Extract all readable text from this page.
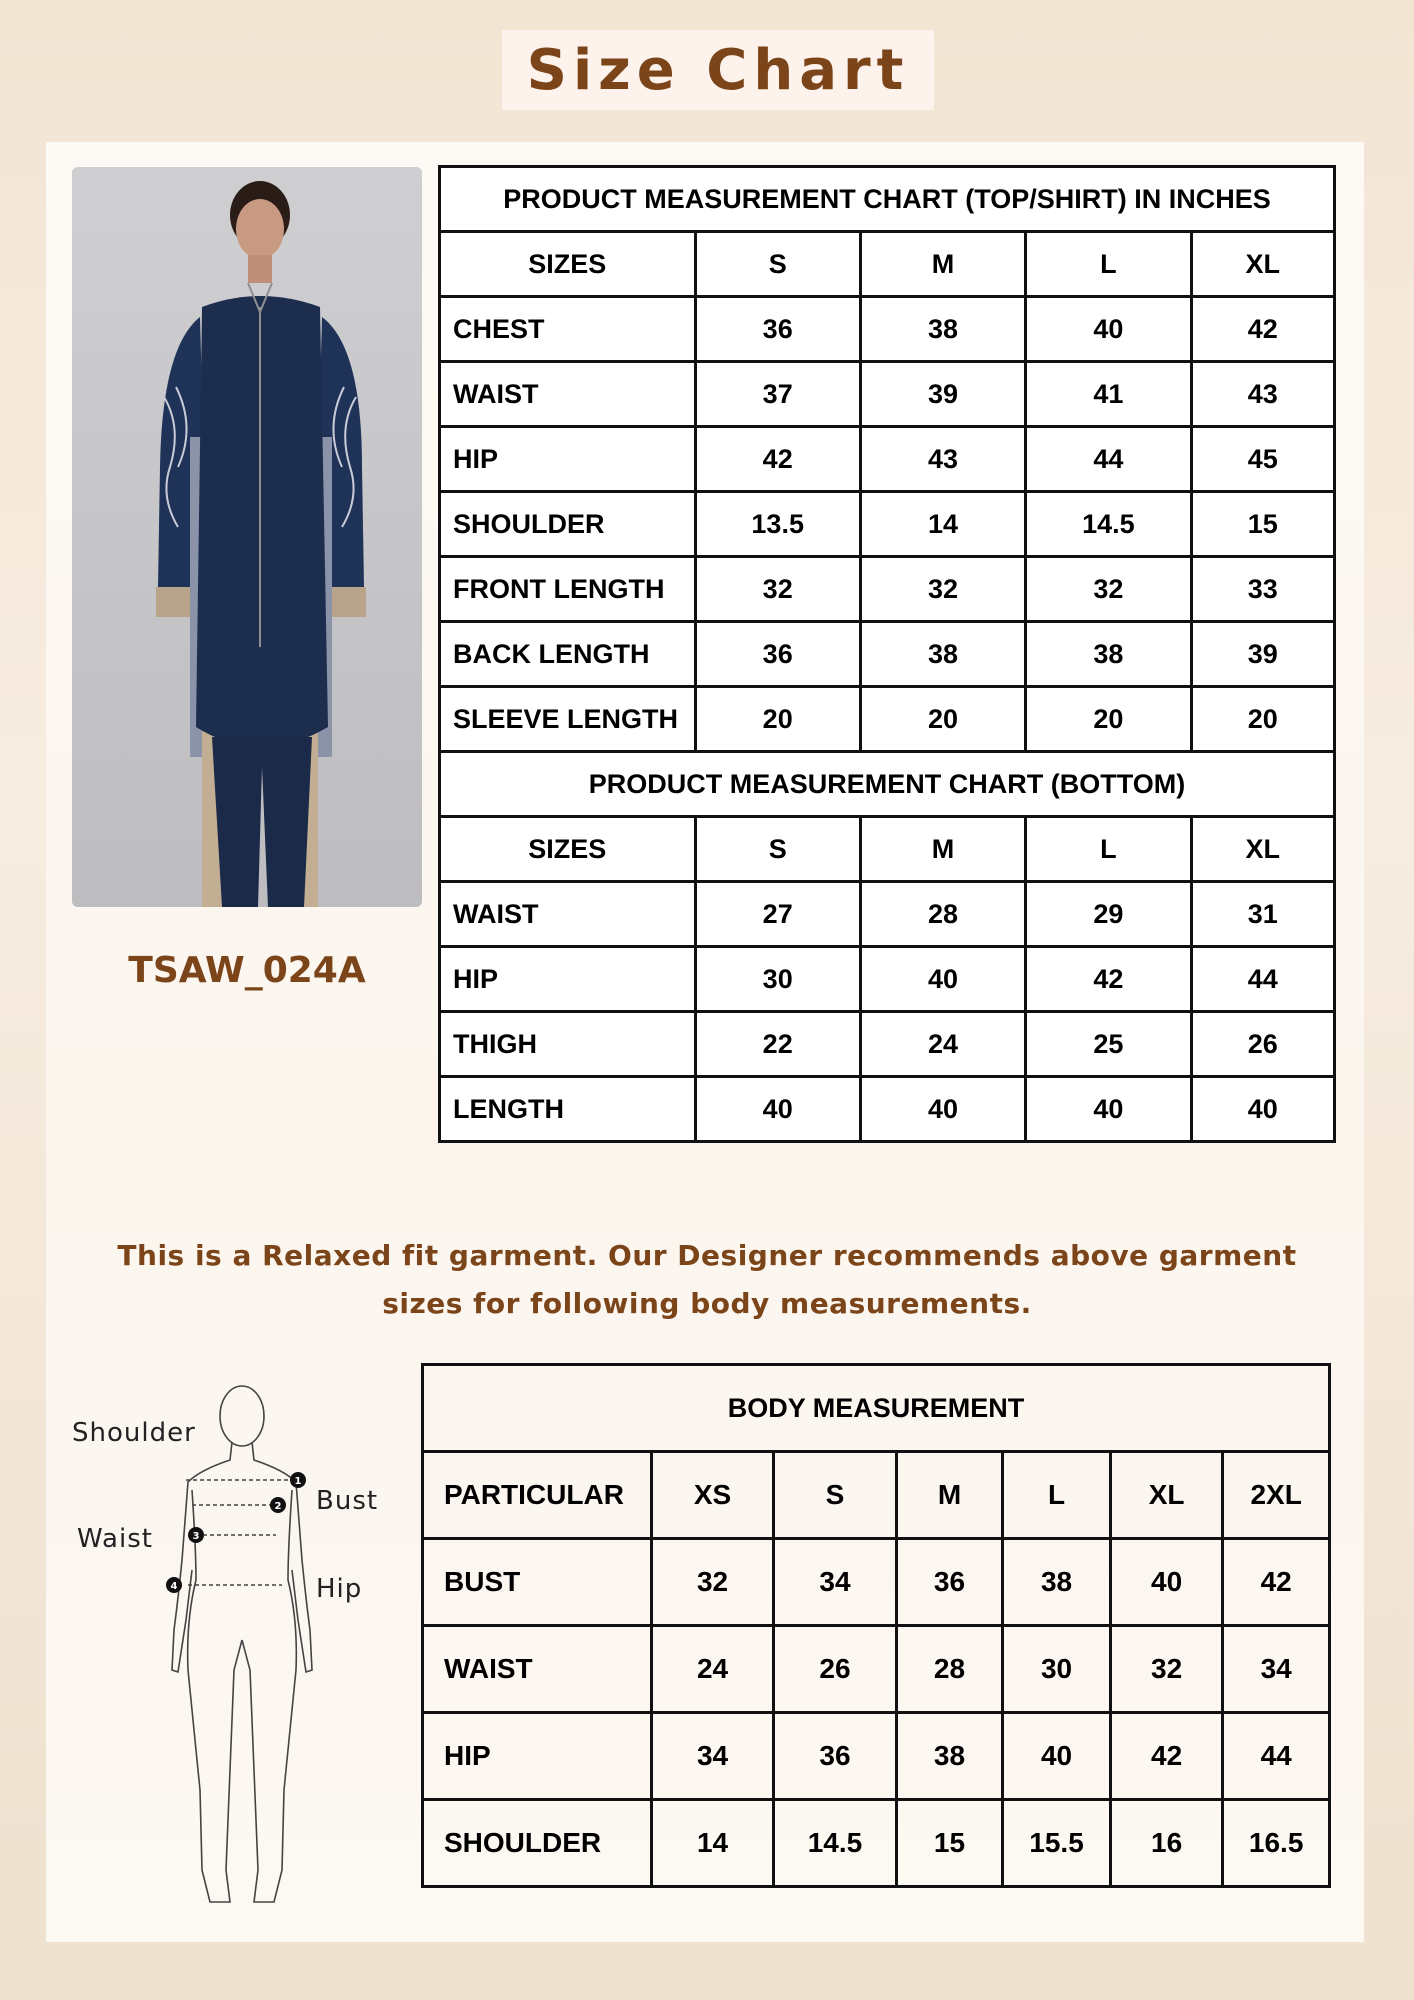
Size Chart
TSAW_024A
PRODUCT MEASUREMENT CHART (TOP/SHIRT) IN INCHES				
SIZES	S	M	L	XL
CHEST	36	38	40	42
WAIST	37	39	41	43
HIP	42	43	44	45
SHOULDER	13.5	14	14.5	15
FRONT LENGTH	32	32	32	33
BACK LENGTH	36	38	38	39
SLEEVE LENGTH	20	20	20	20
PRODUCT MEASUREMENT CHART (BOTTOM)				
SIZES	S	M	L	XL
WAIST	27	28	29	31
HIP	30	40	42	44
THIGH	22	24	25	26
LENGTH	40	40	40	40
This is a Relaxed fit garment. Our Designer recommends above garment
sizes for following body measurements.
1
2
3
4
Shoulder
Bust
Waist
Hip
BODY MEASUREMENT						
PARTICULAR	XS	S	M	L	XL	2XL
BUST	32	34	36	38	40	42
WAIST	24	26	28	30	32	34
HIP	34	36	38	40	42	44
SHOULDER	14	14.5	15	15.5	16	16.5
